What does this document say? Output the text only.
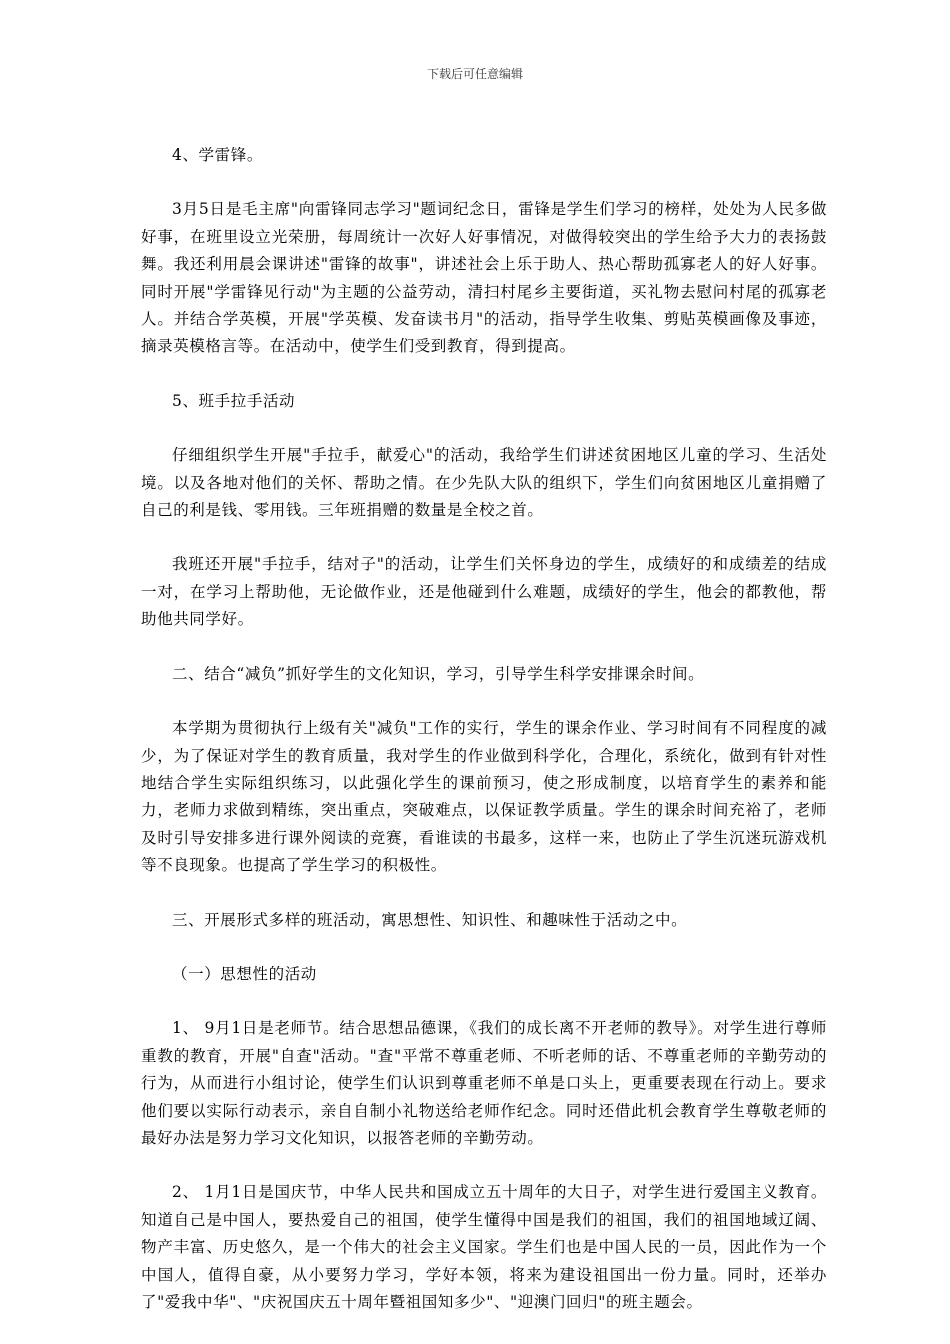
下载后可任意编辑

4、学雷锋。

3月5日是毛主席"向雷锋同志学习"题词纪念日，雷锋是学生们学习的榜样，处处为人民多做好事，在班里设立光荣册，每周统计一次好人好事情况，对做得较突出的学生给予大力的表扬鼓舞。我还利用晨会课讲述"雷锋的故事"，讲述社会上乐于助人、热心帮助孤寡老人的好人好事。同时开展"学雷锋见行动"为主题的公益劳动，清扫村尾乡主要街道，买礼物去慰问村尾的孤寡老人。并结合学英模，开展"学英模、发奋读书月"的活动，指导学生收集、剪贴英模画像及事迹，摘录英模格言等。在活动中，使学生们受到教育，得到提高。

5、班手拉手活动

仔细组织学生开展"手拉手，献爱心"的活动，我给学生们讲述贫困地区儿童的学习、生活处境。以及各地对他们的关怀、帮助之情。在少先队大队的组织下，学生们向贫困地区儿童捐赠了自己的利是钱、零用钱。三年班捐赠的数量是全校之首。

我班还开展"手拉手，结对子"的活动，让学生们关怀身边的学生，成绩好的和成绩差的结成一对，在学习上帮助他，无论做作业，还是他碰到什么难题，成绩好的学生，他会的都教他，帮助他共同学好。

二、结合“减负”抓好学生的文化知识，学习，引导学生科学安排课余时间。

本学期为贯彻执行上级有关"减负"工作的实行，学生的课余作业、学习时间有不同程度的减少，为了保证对学生的教育质量，我对学生的作业做到科学化，合理化，系统化，做到有针对性地结合学生实际组织练习，以此强化学生的课前预习，使之形成制度，以培育学生的素养和能力，老师力求做到精练，突出重点，突破难点，以保证教学质量。学生的课余时间充裕了，老师及时引导安排多进行课外阅读的竞赛，看谁读的书最多，这样一来，也防止了学生沉迷玩游戏机等不良现象。也提高了学生学习的积极性。

三、开展形式多样的班活动，寓思想性、知识性、和趣味性于活动之中。

（一）思想性的活动

1、 9月1日是老师节。结合思想品德课，《我们的成长离不开老师的教导》。对学生进行尊师重教的教育，开展"自查"活动。"查"平常不尊重老师、不听老师的话、不尊重老师的辛勤劳动的行为，从而进行小组讨论，使学生们认识到尊重老师不单是口头上，更重要表现在行动上。要求他们要以实际行动表示，亲自自制小礼物送给老师作纪念。同时还借此机会教育学生尊敬老师的最好办法是努力学习文化知识，以报答老师的辛勤劳动。

2、 1月1日是国庆节，中华人民共和国成立五十周年的大日子，对学生进行爱国主义教育。知道自己是中国人，要热爱自己的祖国，使学生懂得中国是我们的祖国，我们的祖国地域辽阔、物产丰富、历史悠久，是一个伟大的社会主义国家。学生们也是中国人民的一员，因此作为一个中国人，值得自豪，从小要努力学习，学好本领，将来为建设祖国出一份力量。同时，还举办了"爱我中华"、"庆祝国庆五十周年暨祖国知多少"、"迎澳门回归"的班主题会。
